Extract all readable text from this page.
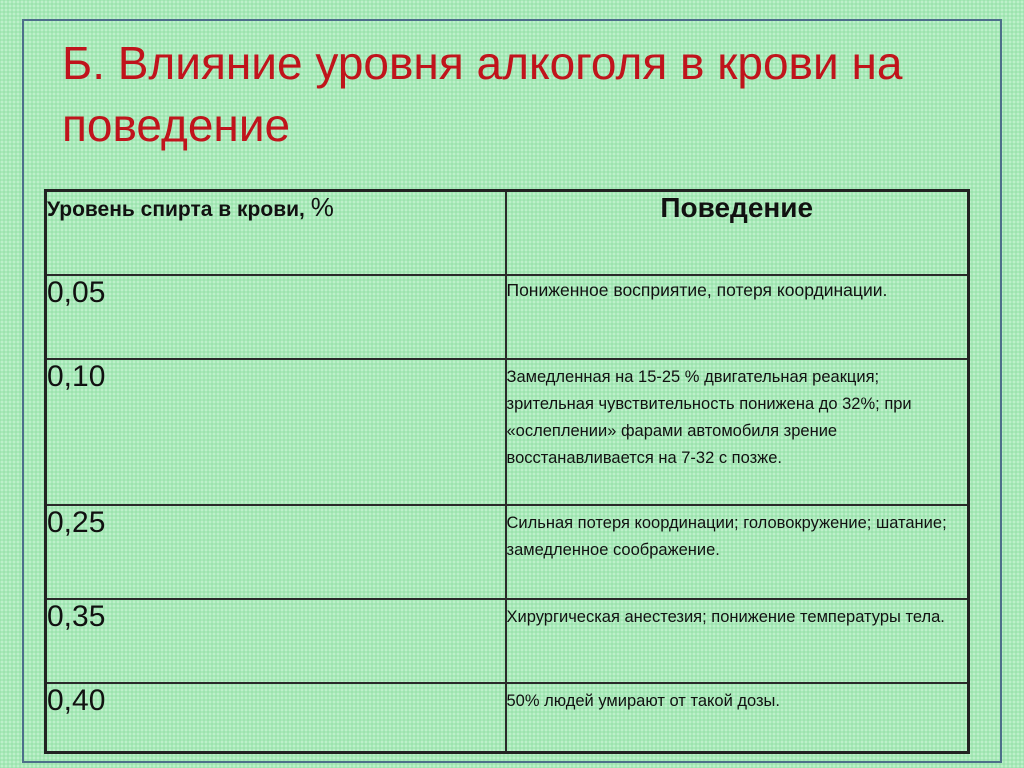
Б. Влияние уровня алкоголя в крови на поведение
Уровень спирта в крови, %	Поведение
0,05	Пониженное восприятие, потеря координации.
0,10	Замедленная на 15-25 % двигательная реакция; зрительная чувствительность понижена до 32%; при «ослеплении» фарами автомобиля зрение восстанавливается на 7-32 с позже.
0,25	Сильная потеря координации; головокружение; шатание; замедленное соображение.
0,35	Хирургическая анестезия; понижение температуры тела.
0,40	50% людей умирают от такой дозы.
